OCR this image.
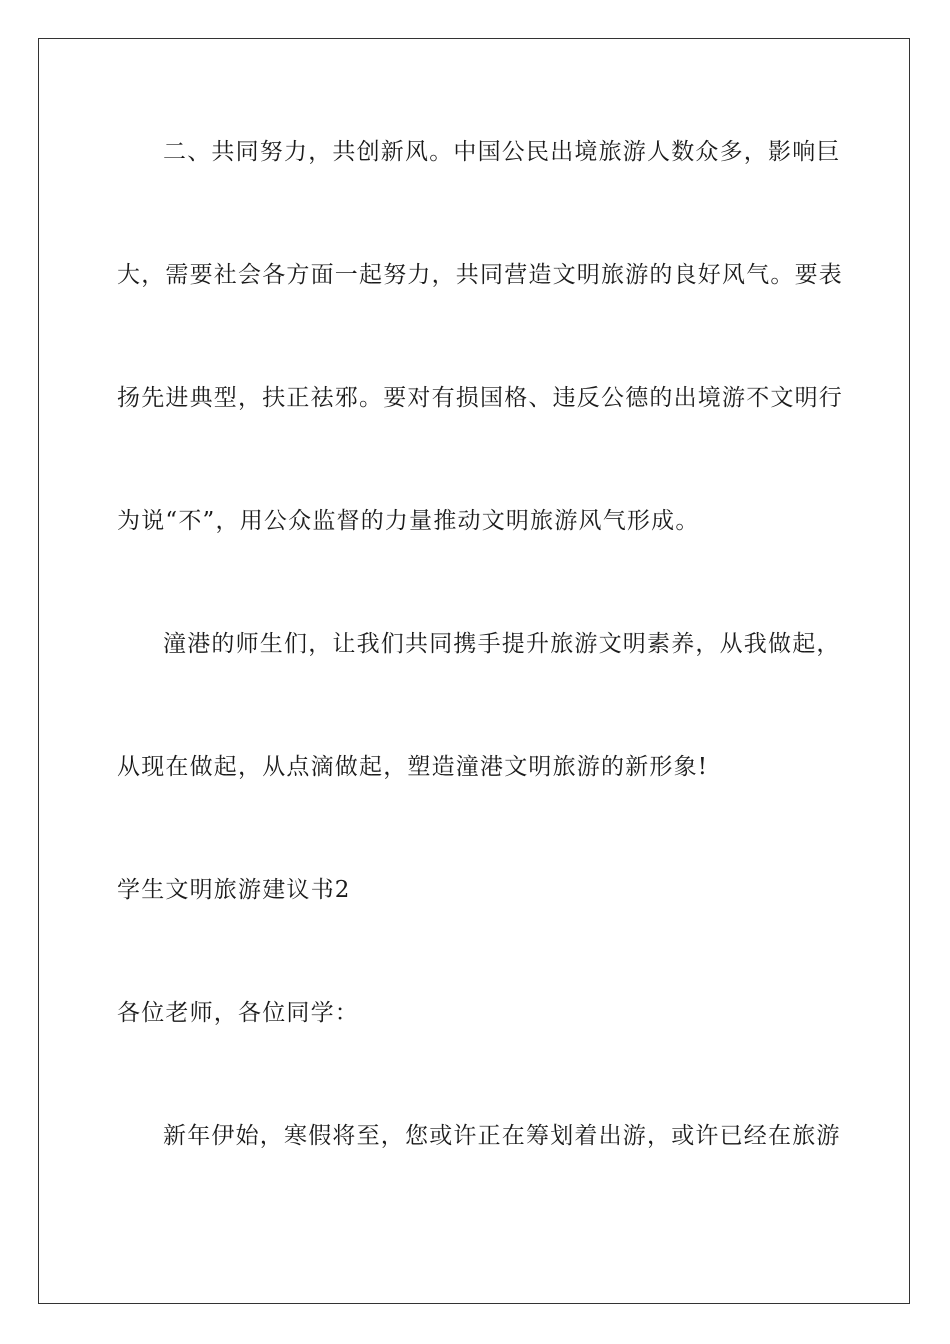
二、共同努力，共创新风。中国公民出境旅游人数众多，影响巨
大，需要社会各方面一起努力，共同营造文明旅游的良好风气。要表
扬先进典型，扶正祛邪。要对有损国格、违反公德的出境游不文明行
为说“不”，用公众监督的力量推动文明旅游风气形成。
潼港的师生们，让我们共同携手提升旅游文明素养，从我做起，
从现在做起，从点滴做起，塑造潼港文明旅游的新形象!
学生文明旅游建议书2
各位老师，各位同学：
新年伊始，寒假将至，您或许正在筹划着出游，或许已经在旅游
